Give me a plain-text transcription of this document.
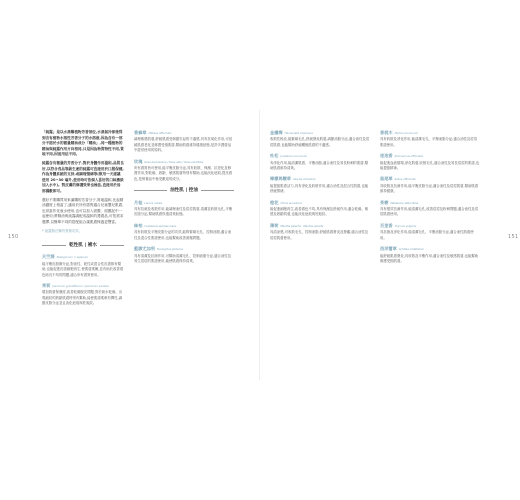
150	151
「純露」是以水蒸餾植物芳香部位,水蒸氣冷卻後得到含有植物水溶性芳香分子的水溶液,因為含有一部分不溶於水的微量精油成分「精油」,同一種植物的精油與純露作用方向相同,只是因為物質特性不同,質地不同,因而用法不同。
純露含有微量的芳香分子,對於身體作用溫和,品質良好,以符合食品等級生產的純露可直接用於口服保健,作為身體系統的支持,或調理情緒等(飲用一天建議使用 20~30 毫升,使用時可依個人喜好的口味濃淡加入水中)。對皮膚的修護效果也極佳,直接用於局部濕敷即可。
選好不要購買用來滿購的芳香分子,質地溫和,比起精油濃度上相當了,適用於所有膚質適合兒童嬰兒肌膚,也常當作化妝水使用,也可以加入面膜、面膜泥中一起使用;將精油與純露調配成溫和的護膚品,可依需求選擇,以簡單不同的搭配組合讓肌膚保養更豐富。
* 純露無法擁有營養功效。
乾性肌 | 補水
天竺葵 Pelargonium × asperum
能平衡皮脂腺分泌,對油性、乾性或混合性皮膚都有幫助,也能促進皮膚細胞再生,使肌膚柔嫩,並有助於改善膚色暗沉不均的問題,適合所有膚質使用。
茉莉 Jasminum grandiflorum / Jasminum sambac
增加肌膚保濕度,改善乾燥脫皮問題,對於缺水乾燥、出現細紋的熟齡肌膚特別有幫助,能使肌膚柔軟有彈性,調節皮脂分泌並且淡化疤痕與妊娠紋。
香蜂草 Melissa officinalis
調理敏感肌膚,舒緩肌膚受刺激引起的不適感,具有抗氧化作用,可延緩肌膚老化並修護受損肌膚,幫助肌膚維持健康狀態,是許多護膚品中經常使用的原料。
玫瑰 Rosa damascena / Rosa alba / Rosa centifolia
所有膚質皆可使用,能平衡皮脂分泌,具有收斂、保濕、抗老化及修護作用,對乾燥、熟齡、敏感肌膚特別有幫助,也能淡化疤痕,提亮膚色,是保養品中極受歡迎的成分。
油性肌 | 控油
月桂 Laurus nobilis
具有抗菌及收斂作用,能調理油性及痘痘肌膚,清潔並收斂毛孔,平衡皮脂分泌,幫助肌膚恢復清爽狀態。
絲柏 Cupressus sempervirens
具有收斂及平衡皮脂分泌的功效,能夠緊緻毛孔、控制油脂,適合油性及混合性肌膚使用,也能幫助改善面皰問題。
藍膠尤加利 Eucalyptus globulus
具有清潔及抗菌作用,可幫助清潔毛孔、控制油脂分泌,適合油性及易生痘痘的肌膚使用,能使肌膚保持清爽。
金縷梅 Hamamelis virginiana
收斂性極佳,能緊緻毛孔,舒緩發炎肌膚,調節油脂分泌,適合油性及痘痘肌膚,也能幫助舒緩曬後肌膚的不適感。
杜松 Juniperus communis
有淨化作用,能清潔肌膚、平衡油脂,適合油性及易長粉刺的肌膚,幫助肌膚維持清爽。
檸檬馬鞭草 Aloysia citriodora
能提振肌膚活力,具有淨化及收斂作用,適合油性及混合性肌膚,也能舒緩情緒。
橙花 Citrus aurantium
能促進細胞再生,改善膚色不均,具有保濕及舒緩作用,適合乾燥、敏感及熟齡肌膚,也能淡化疤痕與妊娠紋。
薄荷 Mentha piperita · Mentha spicata
具清涼感,可收斂毛孔、控制油脂,舒緩肌膚發炎及發癢,適合油性及痘痘肌膚使用。
香桃木 Myrtus communis
具有收斂及淨化作用,能清潔毛孔、平衡油脂分泌,適合油性及痘痘肌膚使用。
迷迭香 Rosmarinus officinalis
能促進血液循環,淨化肌膚,收斂毛孔,適合油性及易長痘痘的肌膚,也能提振精神。
鼠尾草 Salvia officinalis
具收斂及抗菌作用,能平衡皮脂分泌,適合油性及痘痘肌膚,幫助肌膚維持健康。
茶樹 Melaleuca alternifolia
具有強效抗菌作用,能清潔毛孔,改善痘痘及粉刺問題,適合油性及痘痘肌膚使用。
百里香 Thymus vulgaris
具抗菌及淨化作用,能清潔毛孔、平衡油脂分泌,適合油性肌膚使用。
西洋蓍草 Achillea millefolium
能舒緩肌膚發炎,具收斂及平衡作用,適合油性及敏感肌膚,也能幫助修護受損肌膚。
